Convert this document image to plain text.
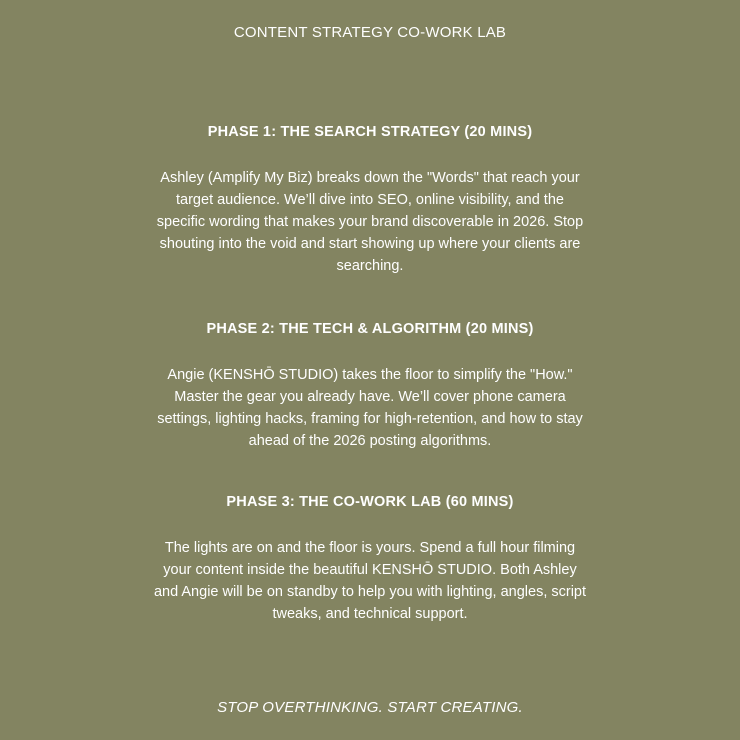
CONTENT STRATEGY CO-WORK LAB
PHASE 1: THE SEARCH STRATEGY (20 MINS)

Ashley (Amplify My Biz) breaks down the "Words" that reach your target audience. We’ll dive into SEO, online visibility, and the specific wording that makes your brand discoverable in 2026. Stop shouting into the void and start showing up where your clients are searching.

PHASE 2: THE TECH & ALGORITHM (20 MINS)

Angie (KENSHŌ STUDIO) takes the floor to simplify the "How." Master the gear you already have. We’ll cover phone camera settings, lighting hacks, framing for high-retention, and how to stay ahead of the 2026 posting algorithms.

PHASE 3: THE CO-WORK LAB (60 MINS)

The lights are on and the floor is yours. Spend a full hour filming your content inside the beautiful KENSHŌ STUDIO. Both Ashley and Angie will be on standby to help you with lighting, angles, script tweaks, and technical support.

STOP OVERTHINKING. START CREATING.
